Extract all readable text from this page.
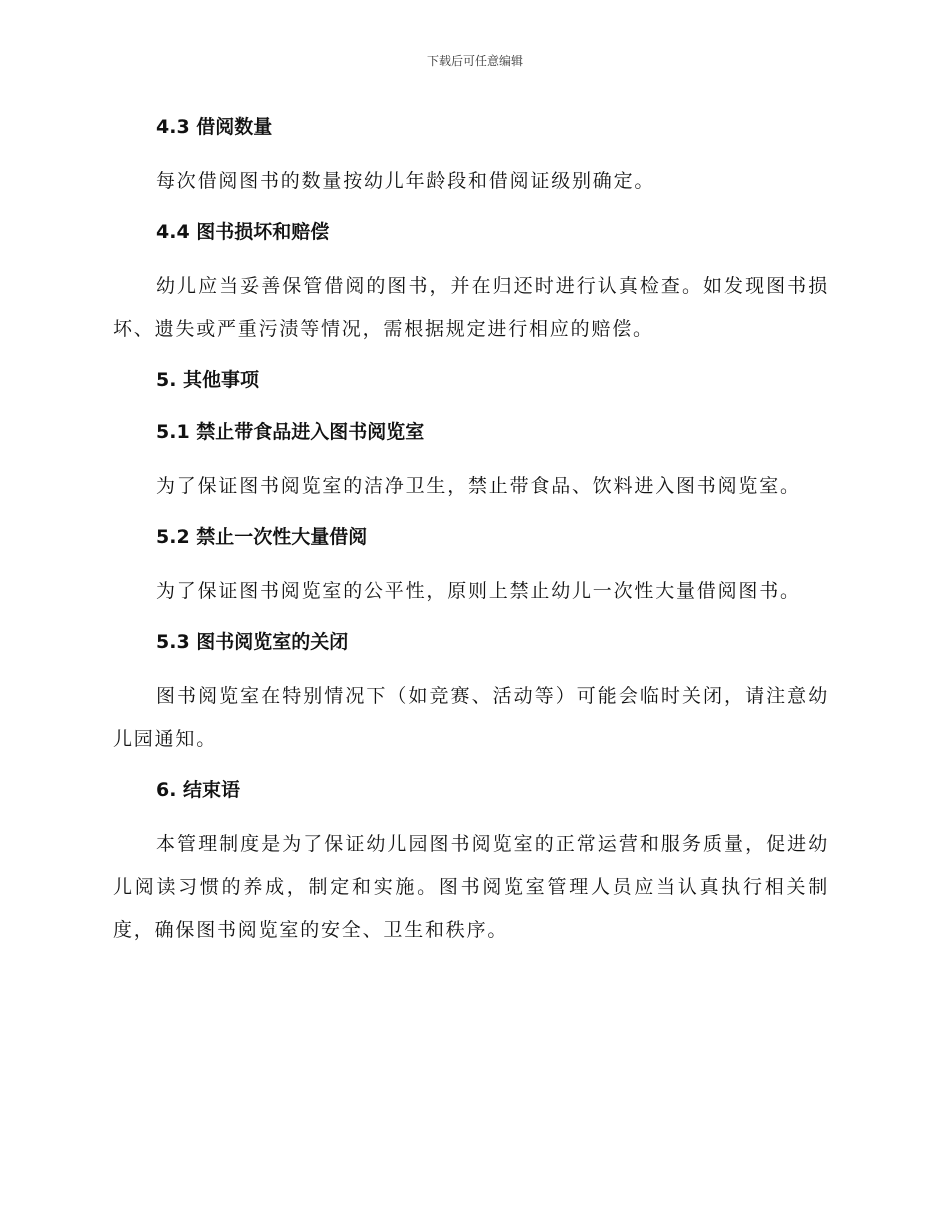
下载后可任意编辑
4.3 借阅数量
每次借阅图书的数量按幼儿年龄段和借阅证级别确定。
4.4 图书损坏和赔偿
幼儿应当妥善保管借阅的图书，并在归还时进行认真检查。如发现图书损坏、遗失或严重污渍等情况，需根据规定进行相应的赔偿。
5. 其他事项
5.1 禁止带食品进入图书阅览室
为了保证图书阅览室的洁净卫生，禁止带食品、饮料进入图书阅览室。
5.2 禁止一次性大量借阅
为了保证图书阅览室的公平性，原则上禁止幼儿一次性大量借阅图书。
5.3 图书阅览室的关闭
图书阅览室在特别情况下（如竞赛、活动等）可能会临时关闭，请注意幼儿园通知。
6. 结束语
本管理制度是为了保证幼儿园图书阅览室的正常运营和服务质量，促进幼儿阅读习惯的养成，制定和实施。图书阅览室管理人员应当认真执行相关制度，确保图书阅览室的安全、卫生和秩序。
